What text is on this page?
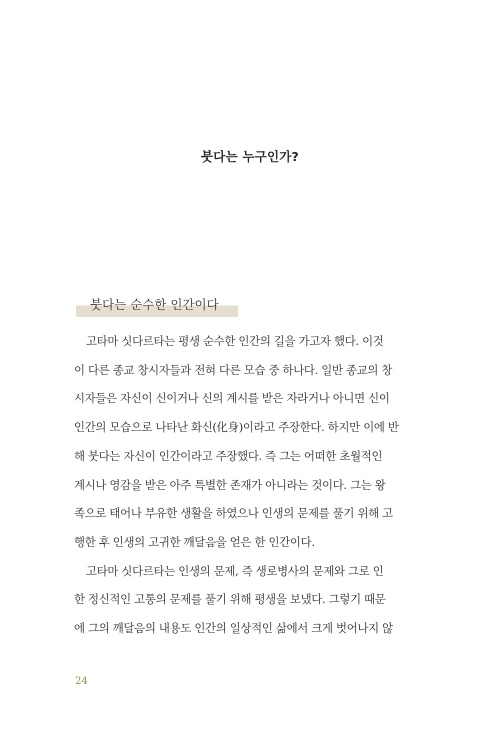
붓다는 누구인가?
붓다는 순수한 인간이다
고타마 싯다르타는 평생 순수한 인간의 길을 가고자 했다. 이것
이 다른 종교 창시자들과 전혀 다른 모습 중 하나다. 일반 종교의 창
시자들은 자신이 신이거나 신의 계시를 받은 자라거나 아니면 신이
인간의 모습으로 나타난 화신(化身)이라고 주장한다. 하지만 이에 반
해 붓다는 자신이 인간이라고 주장했다. 즉 그는 어떠한 초월적인
계시나 영감을 받은 아주 특별한 존재가 아니라는 것이다. 그는 왕
족으로 태어나 부유한 생활을 하였으나 인생의 문제를 풀기 위해 고
행한 후 인생의 고귀한 깨달음을 얻은 한 인간이다.
고타마 싯다르타는 인생의 문제, 즉 생로병사의 문제와 그로 인
한 정신적인 고통의 문제를 풀기 위해 평생을 보냈다. 그렇기 때문
에 그의 깨달음의 내용도 인간의 일상적인 삶에서 크게 벗어나지 않
24
